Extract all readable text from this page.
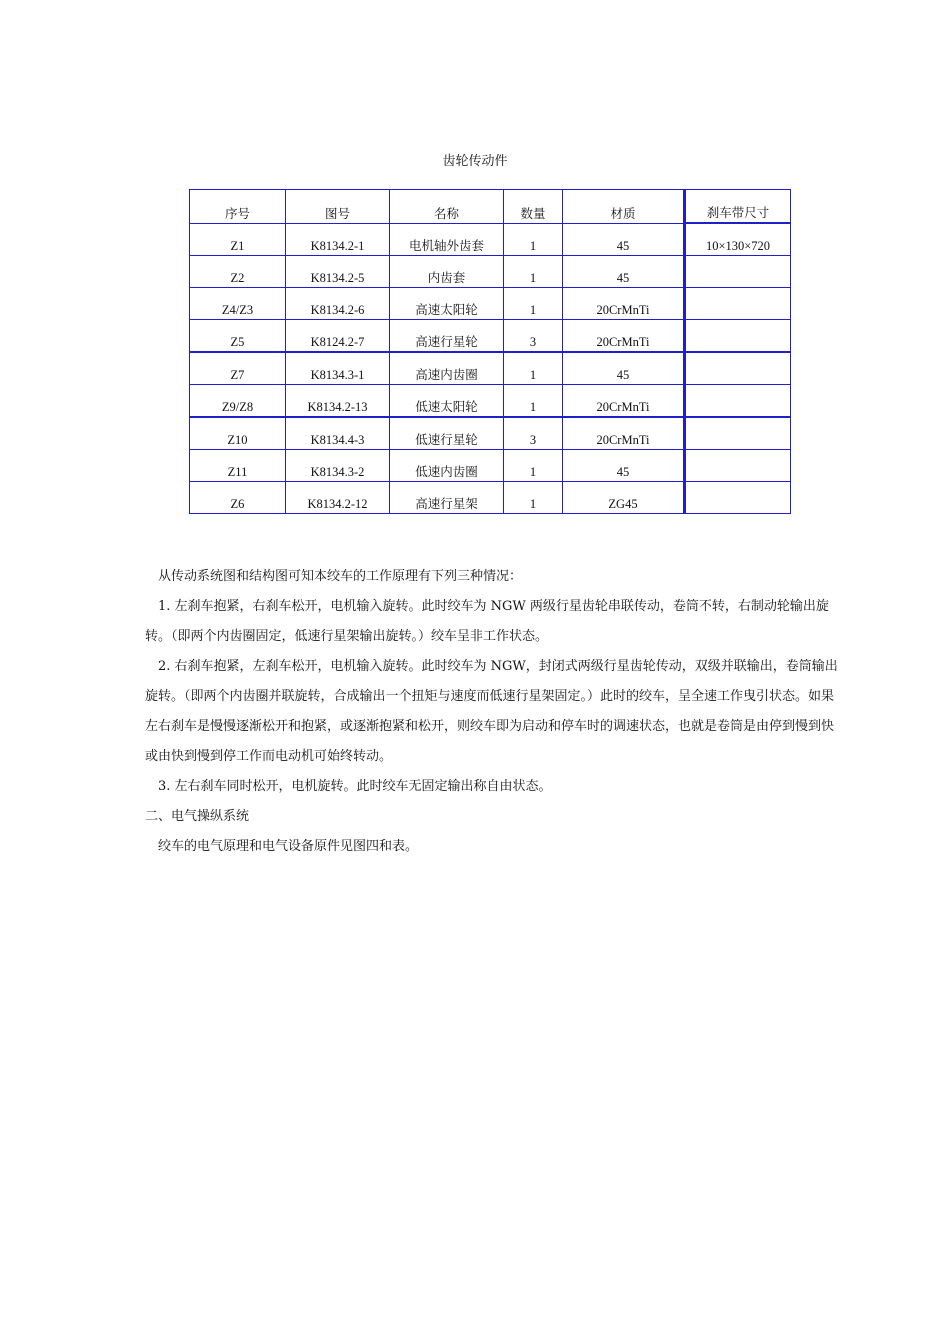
齿轮传动件
序号	图号	名称	数量	材质		刹车带尺寸
Z1	K8134.2-1	电机轴外齿套	1	45		10×130×720
Z2	K8134.2-5	内齿套	1	45		
Z4/Z3	K8134.2-6	高速太阳轮	1	20CrMnTi		
Z5	K8124.2-7	高速行星轮	3	20CrMnTi		
Z7	K8134.3-1	高速内齿圈	1	45		
Z9/Z8	K8134.2-13	低速太阳轮	1	20CrMnTi		
Z10	K8134.4-3	低速行星轮	3	20CrMnTi		
Z11	K8134.3-2	低速内齿圈	1	45		
Z6	K8134.2-12	高速行星架	1	ZG45		

从传动系统图和结构图可知本绞车的工作原理有下列三种情况：

1. 左刹车抱紧，右刹车松开，电机输入旋转。此时绞车为 NGW 两级行星齿轮串联传动，卷筒不转，右制动轮输出旋转。（即两个内齿圈固定，低速行星架输出旋转。）绞车呈非工作状态。

2. 右刹车抱紧，左刹车松开，电机输入旋转。此时绞车为 NGW，封闭式两级行星齿轮传动，双级并联输出，卷筒输出旋转。（即两个内齿圈并联旋转，合成输出一个扭矩与速度而低速行星架固定。）此时的绞车，呈全速工作曳引状态。如果左右刹车是慢慢逐渐松开和抱紧，或逐渐抱紧和松开，则绞车即为启动和停车时的调速状态，也就是卷筒是由停到慢到快或由快到慢到停工作而电动机可始终转动。

3. 左右刹车同时松开，电机旋转。此时绞车无固定输出称自由状态。

二、电气操纵系统

绞车的电气原理和电气设备原件见图四和表。
